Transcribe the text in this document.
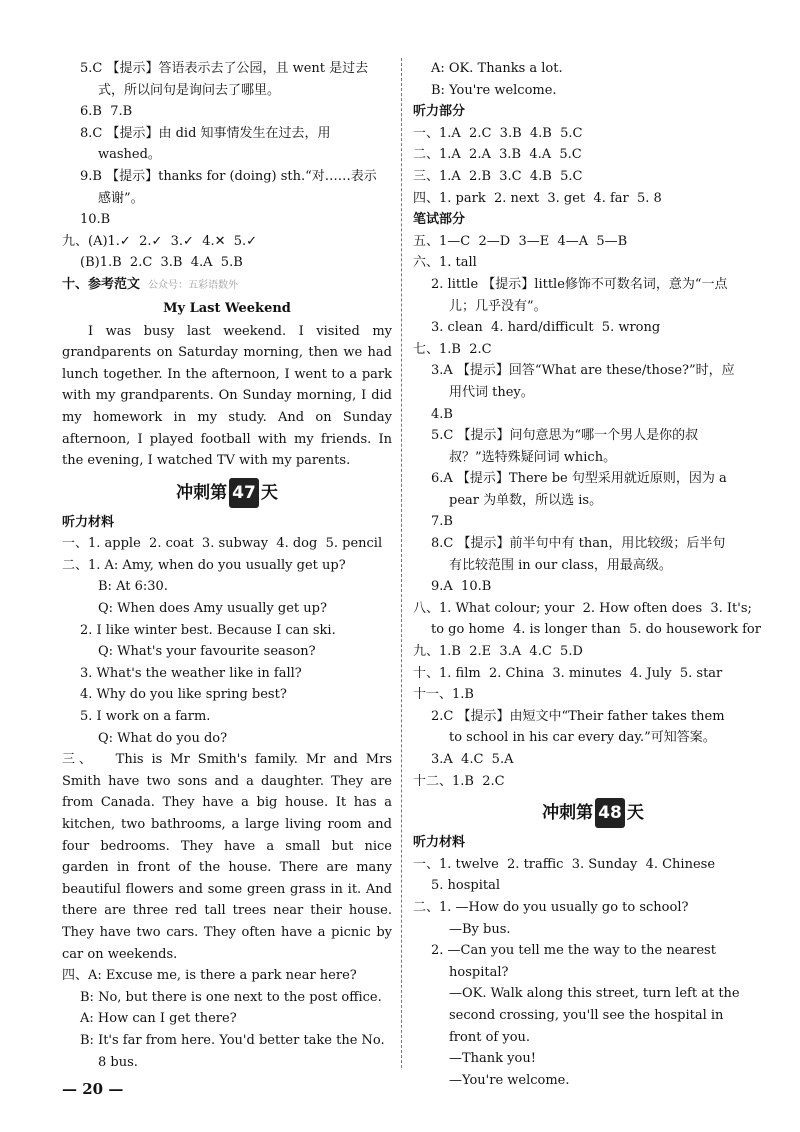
5.C 【提示】答语表示去了公园，且 went 是过去
式，所以问句是询问去了哪里。
6.B  7.B
8.C 【提示】由 did 知事情发生在过去，用
washed。
9.B 【提示】thanks for (doing) sth.“对……表示
感谢”。
10.B
九、(A)1.✓  2.✓  3.✓  4.✕  5.✓
(B)1.B  2.C  3.B  4.A  5.B
十、参考范文 公众号：五彩语数外
My Last Weekend
I was busy last weekend. I visited my grandparents on Saturday morning, then we had lunch together. In the afternoon, I went to a park with my grandparents. On Sunday morning, I did my homework in my study. And on Sunday afternoon, I played football with my friends. In the evening, I watched TV with my parents.
冲刺第 47 天
听力材料
一、1. apple  2. coat  3. subway  4. dog  5. pencil
二、1. A: Amy, when do you usually get up?
B: At 6:30.
Q: When does Amy usually get up?
2. I like winter best. Because I can ski.
Q: What's your favourite season?
3. What's the weather like in fall?
4. Why do you like spring best?
5. I work on a farm.
Q: What do you do?
三、 This is Mr Smith's family. Mr and Mrs Smith have two sons and a daughter. They are from Canada. They have a big house. It has a kitchen, two bathrooms, a large living room and four bedrooms. They have a small but nice garden in front of the house. There are many beautiful flowers and some green grass in it. And there are three red tall trees near their house. They have two cars. They often have a picnic by car on weekends.
四、A: Excuse me, is there a park near here?
B: No, but there is one next to the post office.
A: How can I get there?
B: It's far from here. You'd better take the No.
8 bus.
A: OK. Thanks a lot.
B: You're welcome.
听力部分
一、1.A  2.C  3.B  4.B  5.C
二、1.A  2.A  3.B  4.A  5.C
三、1.A  2.B  3.C  4.B  5.C
四、1. park  2. next  3. get  4. far  5. 8
笔试部分
五、1—C  2—D  3—E  4—A  5—B
六、1. tall
2. little 【提示】little修饰不可数名词，意为“一点
儿；几乎没有”。
3. clean  4. hard/difficult  5. wrong
七、1.B  2.C
3.A 【提示】回答“What are these/those?”时，应
用代词 they。
4.B
5.C 【提示】问句意思为“哪一个男人是你的叔
叔？”选特殊疑问词 which。
6.A 【提示】There be 句型采用就近原则，因为 a
pear 为单数，所以选 is。
7.B
8.C 【提示】前半句中有 than，用比较级；后半句
有比较范围 in our class，用最高级。
9.A  10.B
八、1. What colour; your  2. How often does  3. It's;
to go home  4. is longer than  5. do housework for
九、1.B  2.E  3.A  4.C  5.D
十、1. film  2. China  3. minutes  4. July  5. star
十一、1.B
2.C 【提示】由短文中“Their father takes them
to school in his car every day.”可知答案。
3.A  4.C  5.A
十二、1.B  2.C
冲刺第 48 天
听力材料
一、1. twelve  2. traffic  3. Sunday  4. Chinese
5. hospital
二、1. —How do you usually go to school?
—By bus.
2. —Can you tell me the way to the nearest
hospital?
—OK. Walk along this street, turn left at the
second crossing, you'll see the hospital in
front of you.
—Thank you!
—You're welcome.
— 20 —
